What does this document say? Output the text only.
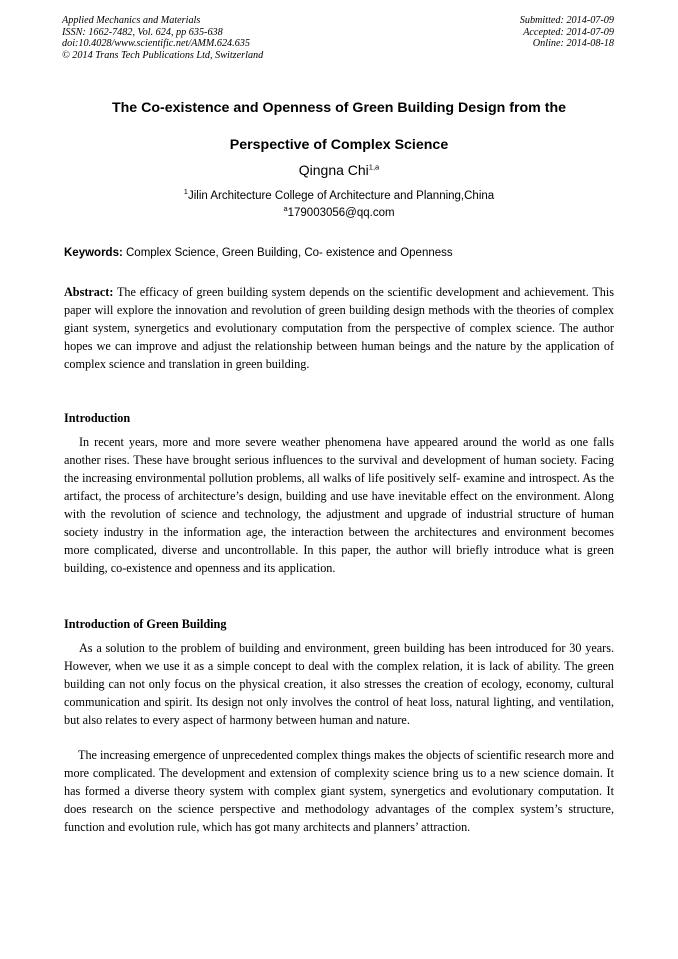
Applied Mechanics and Materials
ISSN: 1662-7482, Vol. 624, pp 635-638
doi:10.4028/www.scientific.net/AMM.624.635
© 2014 Trans Tech Publications Ltd, Switzerland
Submitted: 2014-07-09
Accepted: 2014-07-09
Online: 2014-08-18
The Co-existence and Openness of Green Building Design from the
Perspective of Complex Science
Qingna Chi$^{1,a}$
$^1$Jilin Architecture College of Architecture and Planning,China
$^a$179003056@qq.com
Keywords: Complex Science, Green Building, Co- existence and Openness

Abstract: The efficacy of green building system depends on the scientific development and achievement. This paper will explore the innovation and revolution of green building design methods with the theories of complex giant system, synergetics and evolutionary computation from the perspective of complex science. The author hopes we can improve and adjust the relationship between human beings and the nature by the application of complex science and translation in green building.

Introduction

In recent years, more and more severe weather phenomena have appeared around the world as one falls another rises. These have brought serious influences to the survival and development of human society. Facing the increasing environmental pollution problems, all walks of life positively self- examine and introspect. As the artifact, the process of architecture’s design, building and use have inevitable effect on the environment. Along with the revolution of science and technology, the adjustment and upgrade of industrial structure of human society industry in the information age, the interaction between the architectures and environment becomes more complicated, diverse and uncontrollable. In this paper, the author will briefly introduce what is green building, co-existence and openness and its application.

Introduction of Green Building

As a solution to the problem of building and environment, green building has been introduced for 30 years. However, when we use it as a simple concept to deal with the complex relation, it is lack of ability. The green building can not only focus on the physical creation, it also stresses the creation of ecology, economy, cultural communication and spirit. Its design not only involves the control of heat loss, natural lighting, and ventilation, but also relates to every aspect of harmony between human and nature.

The increasing emergence of unprecedented complex things makes the objects of scientific research more and more complicated. The development and extension of complexity science bring us to a new science domain. It has formed a diverse theory system with complex giant system, synergetics and evolutionary computation. It does research on the science perspective and methodology advantages of the complex system’s structure, function and evolution rule, which has got many architects and planners’ attraction.
